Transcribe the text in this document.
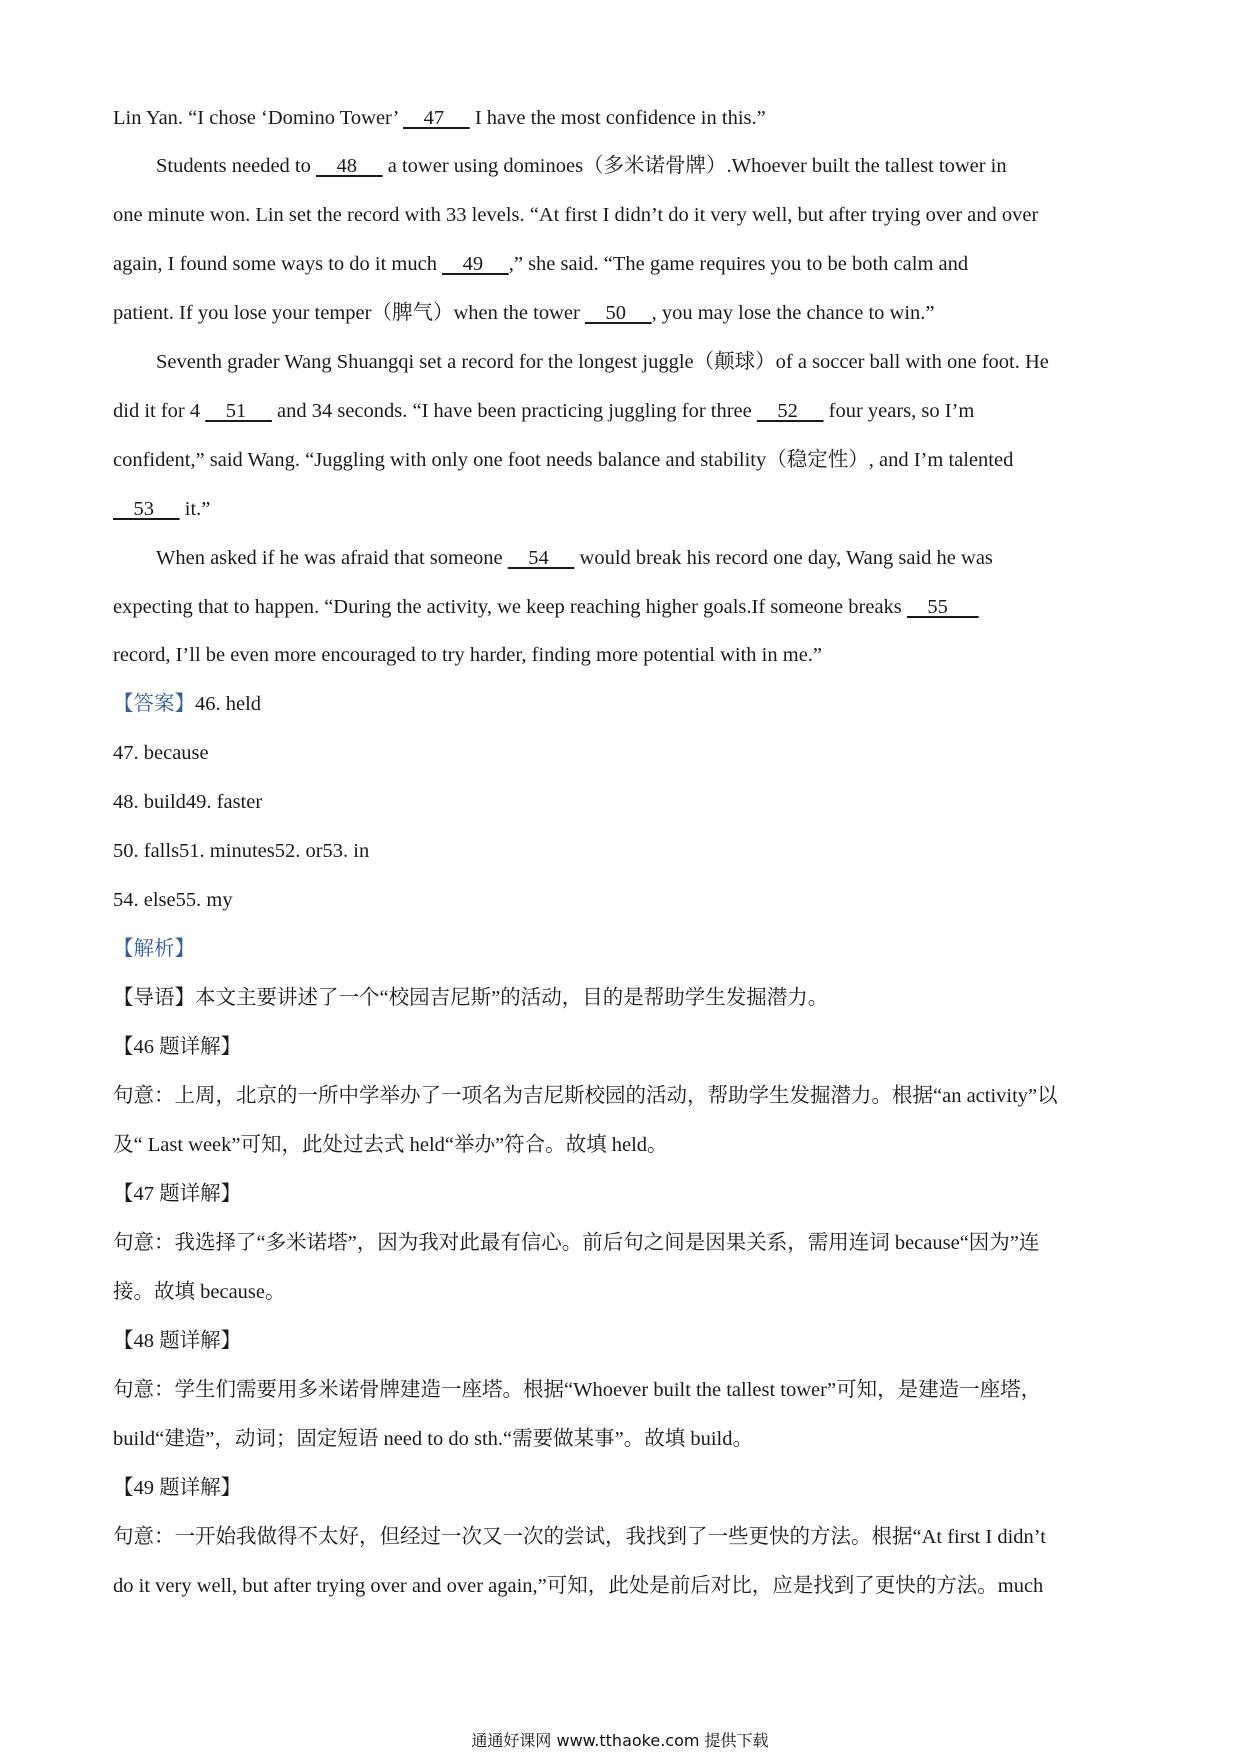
Lin Yan. “I chose ‘Domino Tower’     47      I have the most confidence in this.”
Students needed to     48      a tower using dominoes（多米诺骨牌）.Whoever built the tallest tower in
one minute won. Lin set the record with 33 levels. “At first I didn’t do it very well, but after trying over and over
again, I found some ways to do it much     49     ,” she said. “The game requires you to be both calm and
patient. If you lose your temper（脾气）when the tower     50     , you may lose the chance to win.”
Seventh grader Wang Shuangqi set a record for the longest juggle（颠球）of a soccer ball with one foot. He
did it for 4     51      and 34 seconds. “I have been practicing juggling for three     52      four years, so I’m
confident,” said Wang. “Juggling with only one foot needs balance and stability（稳定性）, and I’m talented
53      it.”
When asked if he was afraid that someone     54      would break his record one day, Wang said he was
expecting that to happen. “During the activity, we keep reaching higher goals.If someone breaks     55
record, I’ll be even more encouraged to try harder, finding more potential with in me.”
【答案】46. held
47. because
48. build49. faster
50. falls51. minutes52. or53. in
54. else55. my
【解析】
【导语】本文主要讲述了一个“校园吉尼斯”的活动，目的是帮助学生发掘潜力。
【46 题详解】
句意：上周，北京的一所中学举办了一项名为吉尼斯校园的活动，帮助学生发掘潜力。根据“an activity”以
及“ Last week”可知，此处过去式 held“举办”符合。故填 held。
【47 题详解】
句意：我选择了“多米诺塔”，因为我对此最有信心。前后句之间是因果关系，需用连词 because“因为”连
接。故填 because。
【48 题详解】
句意：学生们需要用多米诺骨牌建造一座塔。根据“Whoever built the tallest tower”可知，是建造一座塔，
build“建造”，动词；固定短语 need to do sth.“需要做某事”。故填 build。
【49 题详解】
句意：一开始我做得不太好，但经过一次又一次的尝试，我找到了一些更快的方法。根据“At first I didn’t
do it very well, but after trying over and over again,”可知，此处是前后对比，应是找到了更快的方法。much
通通好课网 www.tthaoke.com 提供下载
